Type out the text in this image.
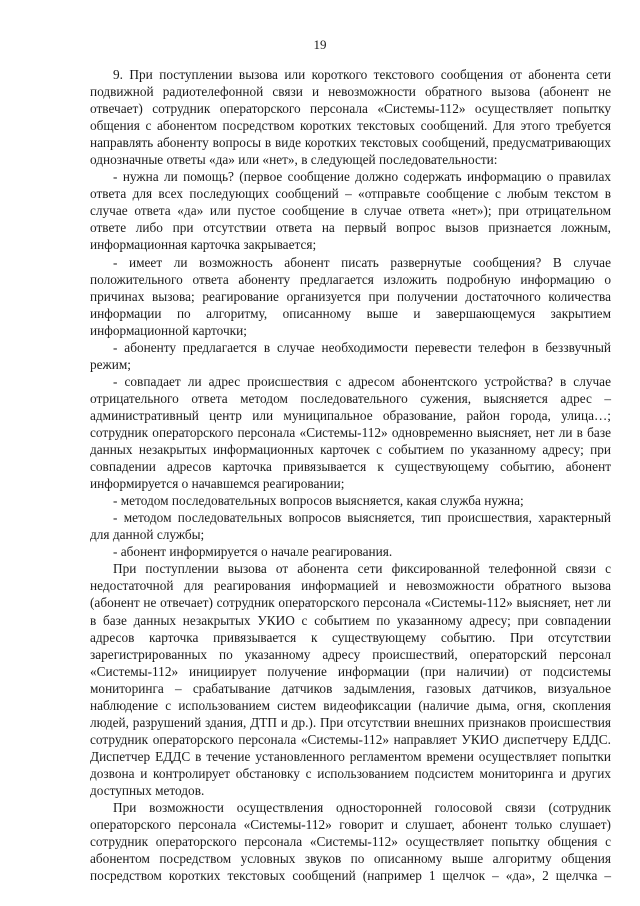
19

9. При поступлении вызова или короткого текстового сообщения от абонента сети подвижной радиотелефонной связи и невозможности обратного вызова (абонент не отвечает) сотрудник операторского персонала «Системы-112» осуществляет попытку общения с абонентом посредством коротких текстовых сообщений. Для этого требуется направлять абоненту вопросы в виде коротких текстовых сообщений, предусматривающих однозначные ответы «да» или «нет», в следующей последовательности:

- нужна ли помощь? (первое сообщение должно содержать информацию о правилах ответа для всех последующих сообщений – «отправьте сообщение с любым текстом в случае ответа «да» или пустое сообщение в случае ответа «нет»); при отрицательном ответе либо при отсутствии ответа на первый вопрос вызов признается ложным, информационная карточка закрывается;

- имеет ли возможность абонент писать развернутые сообщения? В случае положительного ответа абоненту предлагается изложить подробную информацию о причинах вызова; реагирование организуется при получении достаточного количества информации по алгоритму, описанному выше и завершающемуся закрытием информационной карточки;

- абоненту предлагается в случае необходимости перевести телефон в беззвучный режим;

- совпадает ли адрес происшествия с адресом абонентского устройства? в случае отрицательного ответа методом последовательного сужения, выясняется адрес – административный центр или муниципальное образование, район города, улица…; сотрудник операторского персонала «Системы-112» одновременно выясняет, нет ли в базе данных незакрытых информационных карточек с событием по указанному адресу; при совпадении адресов карточка привязывается к существующему событию, абонент информируется о начавшемся реагировании;

- методом последовательных вопросов выясняется, какая служба нужна;

- методом последовательных вопросов выясняется, тип происшествия, характерный для данной службы;

- абонент информируется о начале реагирования.

При поступлении вызова от абонента сети фиксированной телефонной связи с недостаточной для реагирования информацией и невозможности обратного вызова (абонент не отвечает) сотрудник операторского персонала «Системы-112» выясняет, нет ли в базе данных незакрытых УКИО с событием по указанному адресу; при совпадении адресов карточка привязывается к существующему событию. При отсутствии зарегистрированных по указанному адресу происшествий, операторский персонал «Системы-112» инициирует получение информации (при наличии) от подсистемы мониторинга – срабатывание датчиков задымления, газовых датчиков, визуальное наблюдение с использованием систем видеофиксации (наличие дыма, огня, скопления людей, разрушений здания, ДТП и др.). При отсутствии внешних признаков происшествия сотрудник операторского персонала «Системы-112» направляет УКИО диспетчеру ЕДДС. Диспетчер ЕДДС в течение установленного регламентом времени осуществляет попытки дозвона и контролирует обстановку с использованием подсистем мониторинга и других доступных методов.

При возможности осуществления односторонней голосовой связи (сотрудник операторского персонала «Системы-112» говорит и слушает, абонент только слушает) сотрудник операторского персонала «Системы-112» осуществляет попытку общения с абонентом посредством условных звуков по описанному выше алгоритму общения посредством коротких текстовых сообщений (например 1 щелчок – «да», 2 щелчка –
